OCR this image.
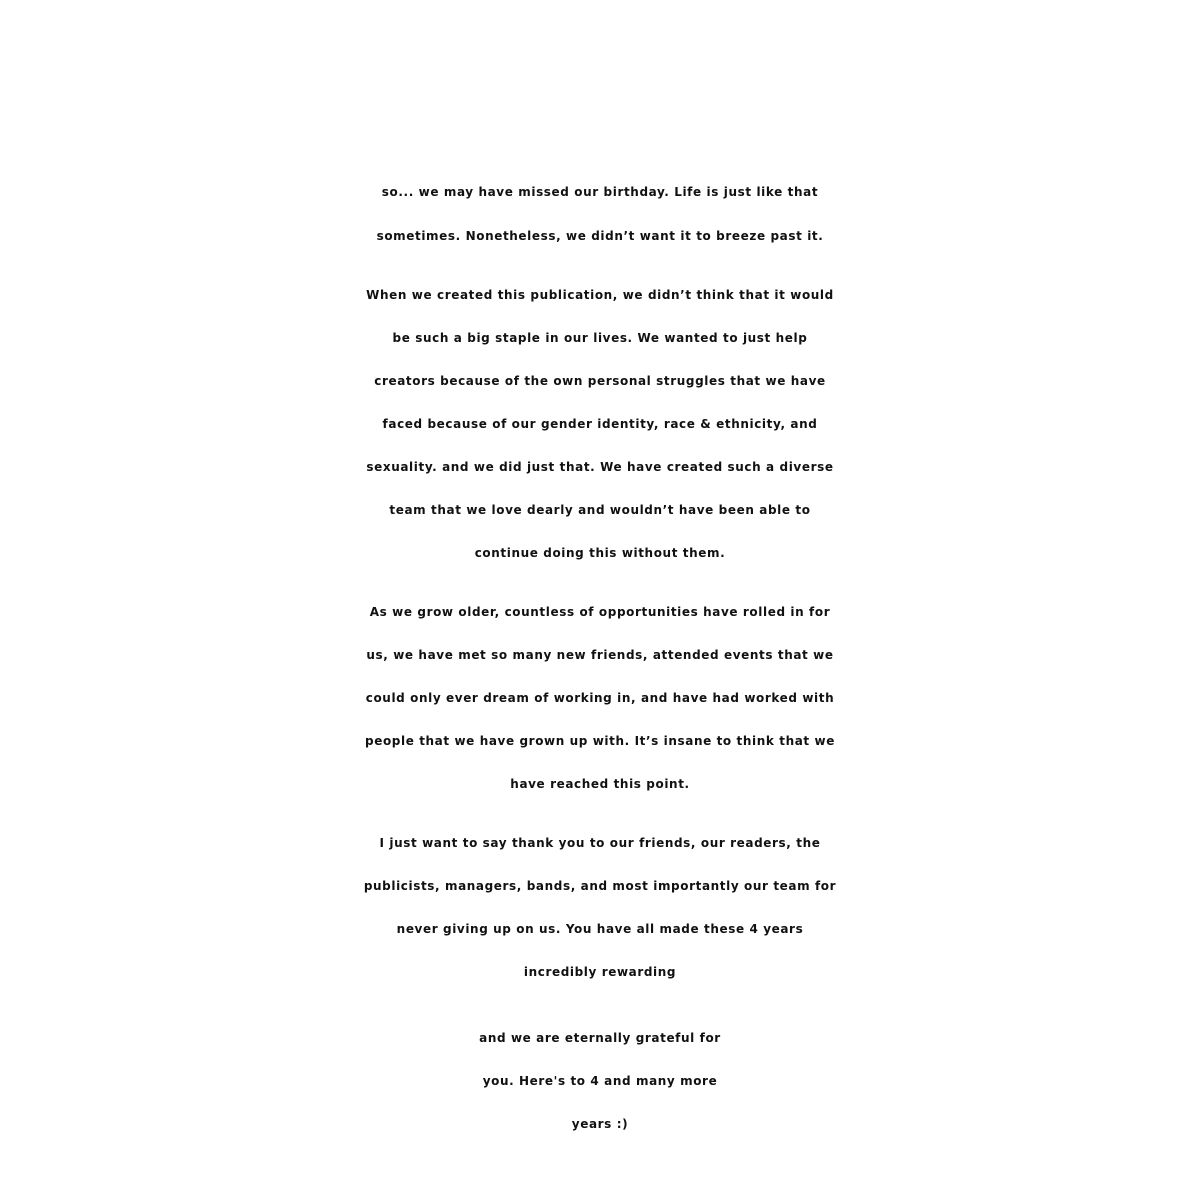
so... we may have missed our birthday. Life is just like that
sometimes. Nonetheless, we didn’t want it to breeze past it.
When we created this publication, we didn’t think that it would
be such a big staple in our lives. We wanted to just help
creators because of the own personal struggles that we have
faced because of our gender identity, race & ethnicity, and
sexuality. and we did just that. We have created such a diverse
team that we love dearly and wouldn’t have been able to
continue doing this without them.
As we grow older, countless of opportunities have rolled in for
us, we have met so many new friends, attended events that we
could only ever dream of working in, and have had worked with
people that we have grown up with. It’s insane to think that we
have reached this point.
I just want to say thank you to our friends, our readers, the
publicists, managers, bands, and most importantly our team for
never giving up on us. You have all made these 4 years
incredibly rewarding
and we are eternally grateful for
you. Here's to 4 and many more
years :)
